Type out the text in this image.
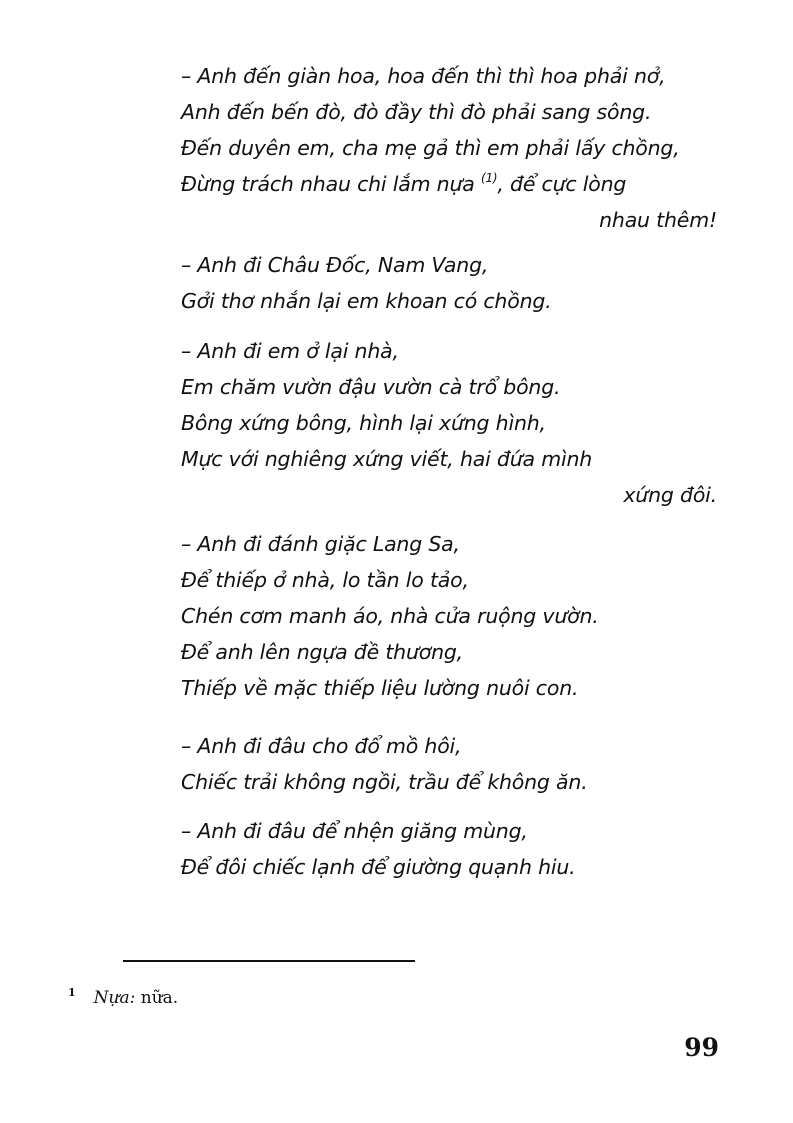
– Anh đến giàn hoa, hoa đến thì thì hoa phải nở,
Anh đến bến đò, đò đầy thì đò phải sang sông.
Đến duyên em, cha mẹ gả thì em phải lấy chồng,
Đừng trách nhau chi lắm nựa $^{(1)}$, để cực lòng
nhau thêm!
– Anh đi Châu Đốc, Nam Vang,
Gởi thơ nhắn lại em khoan có chồng.
– Anh đi em ở lại nhà,
Em chăm vườn đậu vườn cà trổ bông.
Bông xứng bông, hình lại xứng hình,
Mực với nghiêng xứng viết, hai đứa mình
xứng đôi.
– Anh đi đánh giặc Lang Sa,
Để thiếp ở nhà, lo tần lo tảo,
Chén cơm manh áo, nhà cửa ruộng vườn.
Để anh lên ngựa đề thương,
Thiếp về mặc thiếp liệu lường nuôi con.
– Anh đi đâu cho đổ mồ hôi,
Chiếc trải không ngồi, trầu để không ăn.
– Anh đi đâu để nhện giăng mùng,
Để đôi chiếc lạnh để giường quạnh hiu.
$^1$ Nựa: nữa.
99
